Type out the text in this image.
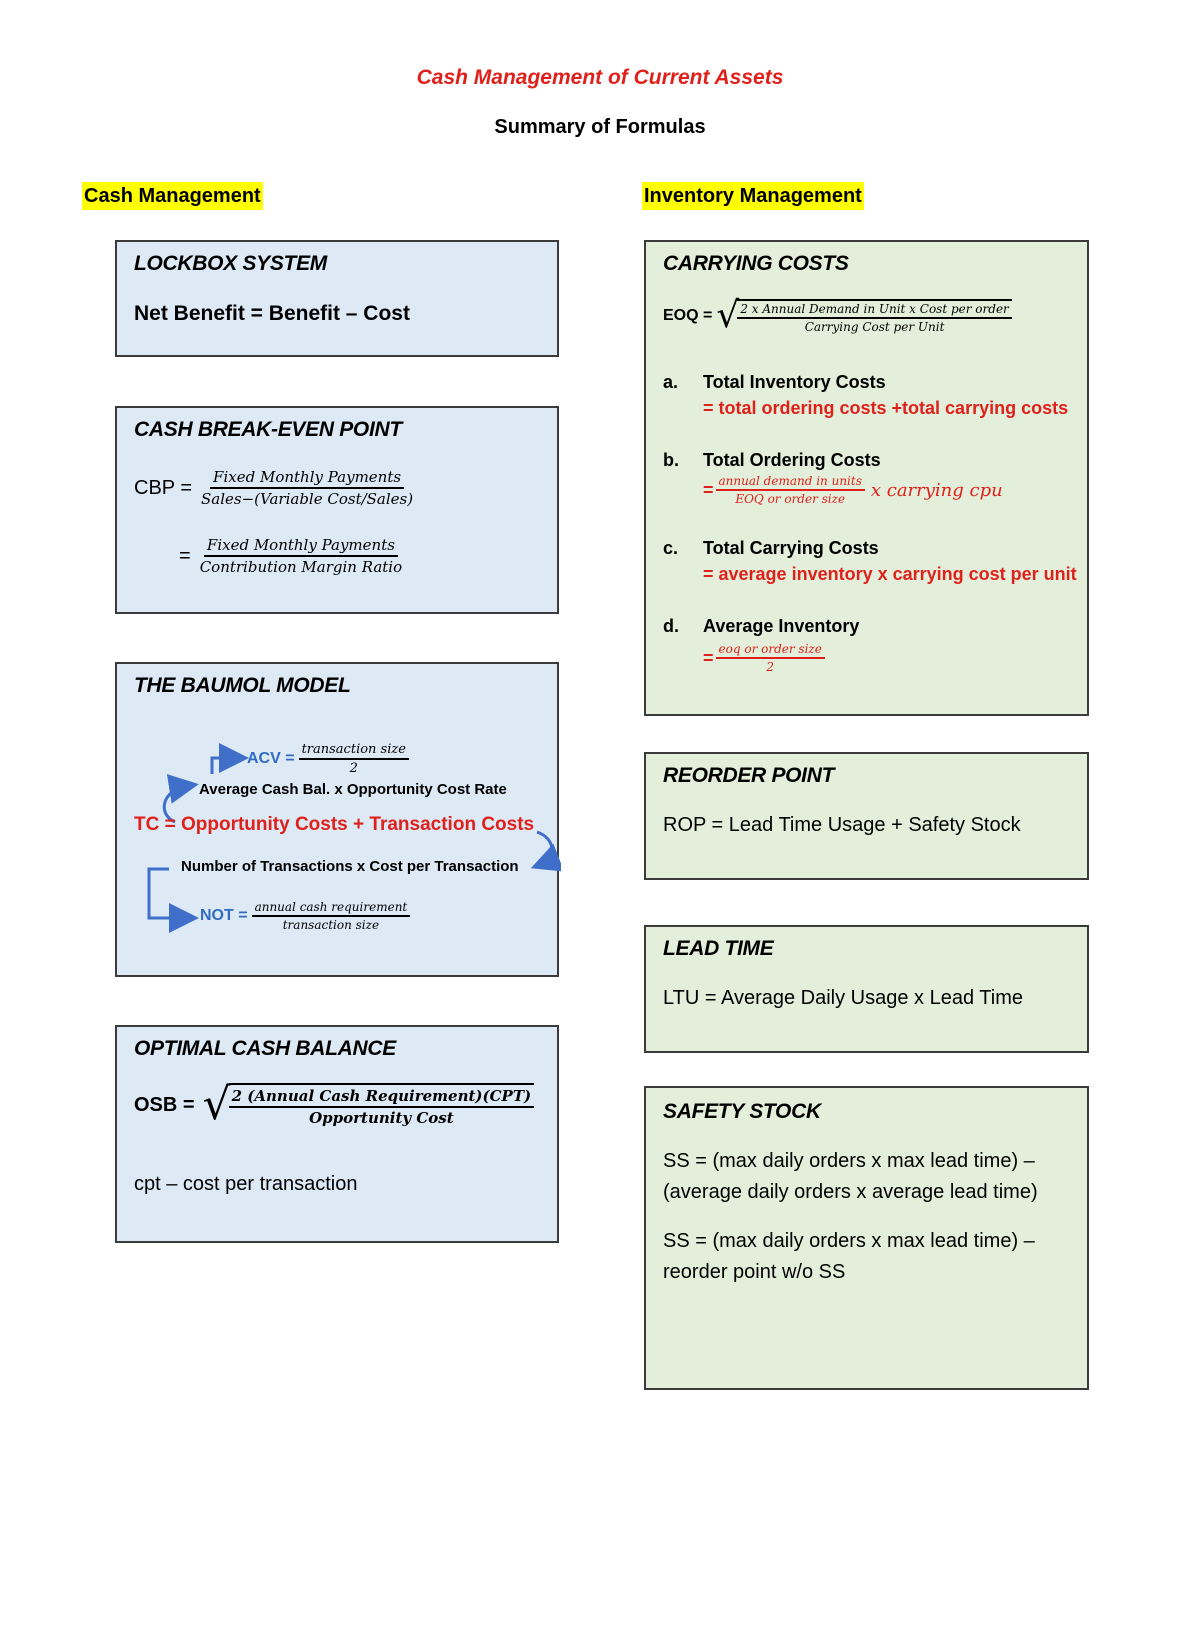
Cash Management of Current Assets
Summary of Formulas
Cash Management	Inventory Management
LOCKBOX SYSTEM
Net Benefit = Benefit – Cost
CASH BREAK-EVEN POINT
CBP = $\frac{\text{Fixed Monthly Payments}}{\text{Sales−(Variable Cost/Sales)}}$
= $\frac{\text{Fixed Monthly Payments}}{\text{Contribution Margin Ratio}}$
THE BAUMOL MODEL
ACV = $\frac{\text{transaction size}}{2}$
Average Cash Bal. x Opportunity Cost Rate
TC = Opportunity Costs + Transaction Costs
Number of Transactions x Cost per Transaction
NOT = $\frac{\text{annual cash requirement}}{\text{transaction size}}$
OPTIMAL CASH BALANCE
OSB = √
$\frac{\text{2 (Annual Cash Requirement)(CPT)}}{\text{Opportunity Cost}}$
cpt – cost per transaction
CARRYING COSTS
EOQ = √
$\frac{\text{2 x Annual Demand in Unit x Cost per order}}{\text{Carrying Cost per Unit}}$
a. Total Inventory Costs
= total ordering costs +total carrying costs
b. Total Ordering Costs
= $\frac{\text{annual demand in units}}{\text{EOQ or order size}}$ x carrying cpu
c. Total Carrying Costs
= average inventory x carrying cost per unit
d. Average Inventory
= $\frac{\text{eoq or order size}}{2}$
REORDER POINT
ROP = Lead Time Usage + Safety Stock
LEAD TIME
LTU = Average Daily Usage x Lead Time
SAFETY STOCK
SS = (max daily orders x max lead time) –
(average daily orders x average lead time)
SS = (max daily orders x max lead time) –
reorder point w/o SS
